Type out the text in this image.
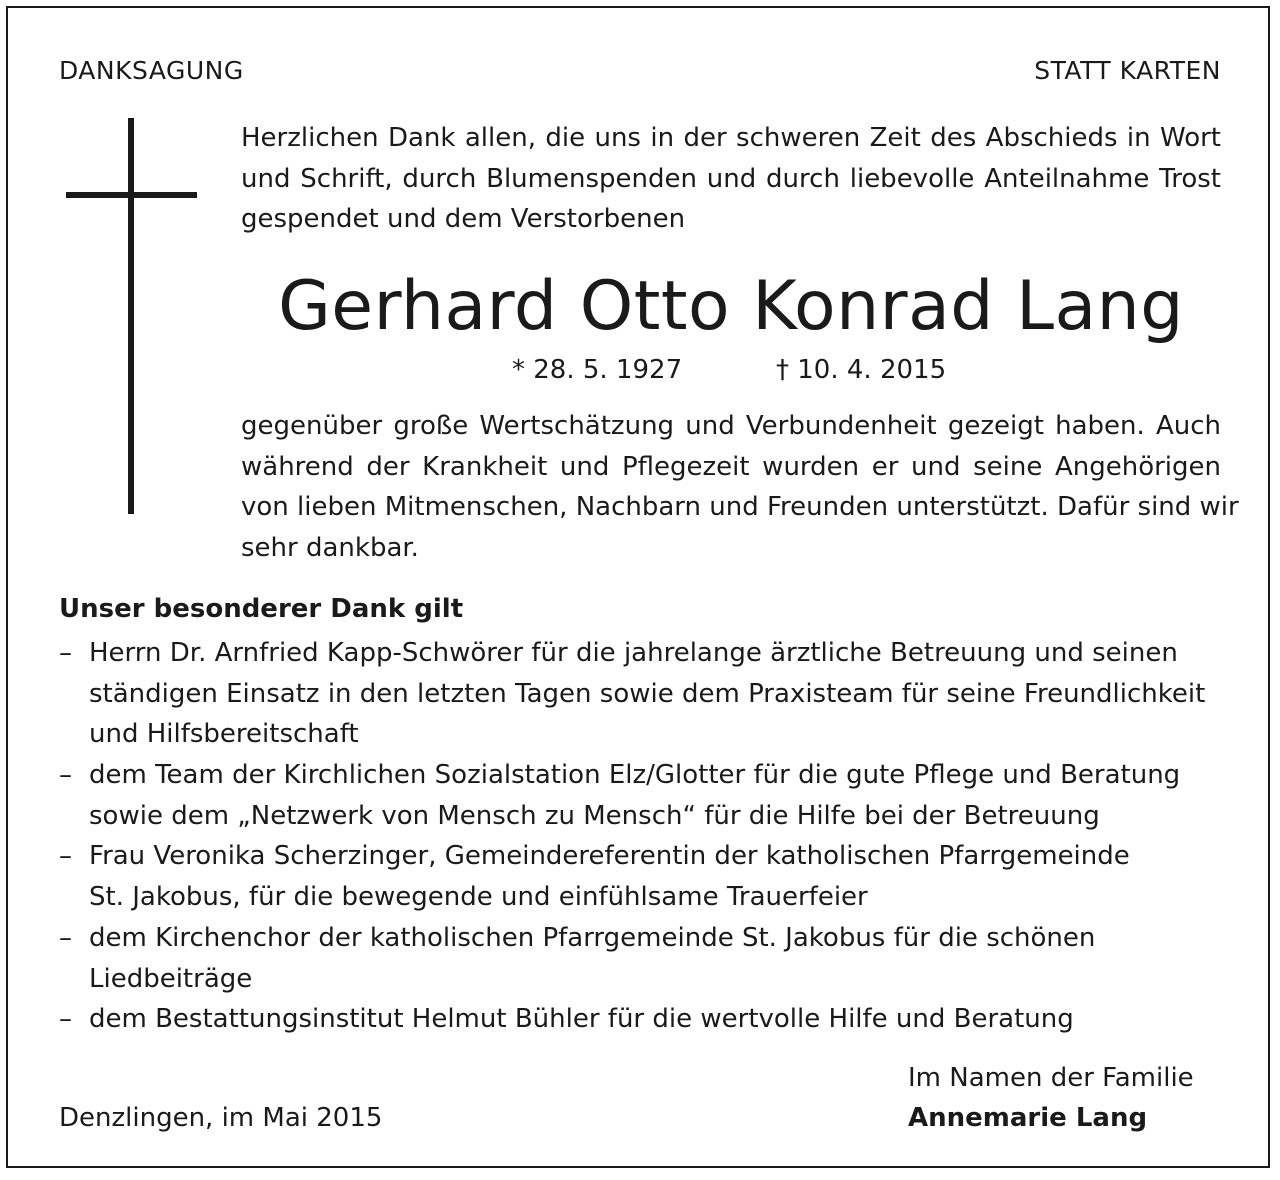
DANKSAGUNG	STATT KARTEN
Herzlichen Dank allen, die uns in der schweren Zeit des Abschieds in Wort
und Schrift, durch Blumenspenden und durch liebevolle Anteilnahme Trost
gespendet und dem Verstorbenen
Gerhard Otto Konrad Lang
* 28. 5. 1927	† 10. 4. 2015
gegenüber große Wertschätzung und Verbundenheit gezeigt haben. Auch
während der Krankheit und Pflegezeit wurden er und seine Angehörigen
von lieben Mitmenschen, Nachbarn und Freunden unterstützt. Dafür sind wir
sehr dankbar.
Unser besonderer Dank gilt
– Herrn Dr. Arnfried Kapp-Schwörer für die jahrelange ärztliche Betreuung und seinen
ständigen Einsatz in den letzten Tagen sowie dem Praxisteam für seine Freundlichkeit
und Hilfsbereitschaft
– dem Team der Kirchlichen Sozialstation Elz/Glotter für die gute Pflege und Beratung
sowie dem „Netzwerk von Mensch zu Mensch“ für die Hilfe bei der Betreuung
– Frau Veronika Scherzinger, Gemeindereferentin der katholischen Pfarrgemeinde
St. Jakobus, für die bewegende und einfühlsame Trauerfeier
– dem Kirchenchor der katholischen Pfarrgemeinde St. Jakobus für die schönen
Liedbeiträge
– dem Bestattungsinstitut Helmut Bühler für die wertvolle Hilfe und Beratung
Denzlingen, im Mai 2015
Im Namen der Familie
Annemarie Lang
